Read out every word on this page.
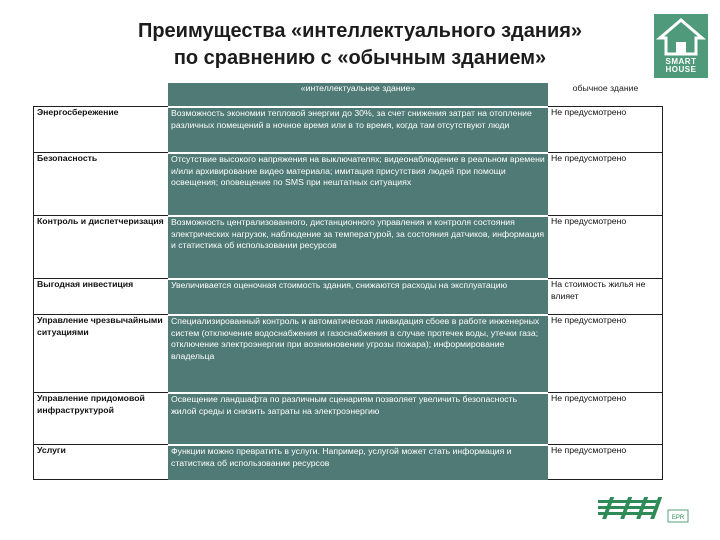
Преимущества «интеллектуального здания»
по сравнению с «обычным зданием»	SMART
HOUSE
	«интеллектуальное здание»	обычное здание
Энергосбережение	Возможность экономии тепловой энергии до 30%, за счет снижения затрат на отопление различных помещений в ночное время или в то время, когда там отсутствуют люди	Не предусмотрено
Безопасность	Отсутствие высокого напряжения на выключателях; видеонаблюдение в реальном времени и/или архивирование видео материала; имитация присутствия людей при помощи освещения; оповещение по SMS при нештатных ситуациях	Не предусмотрено
Контроль и диспетчеризация	Возможность централизованного, дистанционного управления и контроля состояния электрических нагрузок, наблюдение за температурой, за состояния датчиков, информация и статистика об использовании ресурсов	Не предусмотрено
Выгодная инвестиция	Увеличивается оценочная стоимость здания, снижаются расходы на эксплуатацию	На стоимость жилья не влияет
Управление чрезвычайными ситуациями	Специализированный контроль и автоматическая ликвидация сбоев в работе инженерных систем (отключение водоснабжения и газоснабжения в случае протечек воды, утечки газа; отключение электроэнергии при возникновении угрозы пожара); информирование владельца	Не предусмотрено
Управление придомовой инфраструктурой	Освещение ландшафта по различным сценариям позволяет увеличить безопасность жилой среды и снизить затраты на электроэнергию	Не предусмотрено
Услуги	Функции можно превратить в услуги. Например, услугой может стать информация и статистика об использовании ресурсов	Не предусмотрено
EPR
